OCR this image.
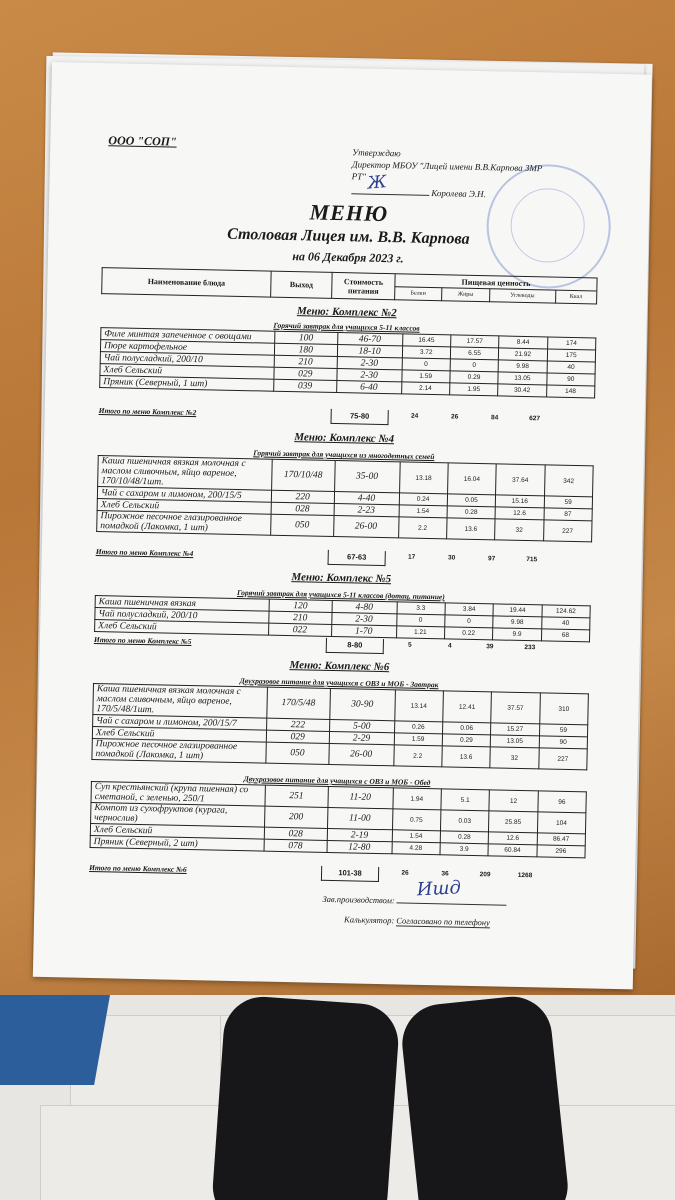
ООО "СОП"
Утверждаю
Директор МБОУ "Лицей имени В.В.Карпова ЗМР РТ"
Королева Э.Н.
Ж
МЕНЮ
Столовая Лицея им. В.В. Карпова
на 06 Декабря 2023 г.
Наименование блюда	Выход	Стоимость питания	Пищевая ценность			
			Белки	Жиры	Углеводы	Ккал
Меню: Комплекс №2
Горячий завтрак для учащихся 5-11 классов
Филе минтая запеченное с овощами	100	46-70	16.45	17.57	8.44	174
Пюре картофельное	180	18-10	3.72	6.55	21.92	175
Чай полусладкий, 200/10	210	2-30	0	0	9.98	40
Хлеб Сельский	029	2-30	1.59	0.29	13.05	90
Пряник (Северный, 1 шт)	039	6-40	2.14	1.95	30.42	148
Итого по меню Комплекс №2	75-80	24	26	84	627
Меню: Комплекс №4
Горячий завтрак для учащихся из многодетных семей
Каша пшеничная вязкая молочная с маслом сливочным, яйцо вареное, 170/10/48/1шт.	170/10/48	35-00	13.18	16.04	37.64	342
Чай с сахаром и лимоном, 200/15/5	220	4-40	0.24	0.05	15.16	59
Хлеб Сельский	028	2-23	1.54	0.28	12.6	87
Пирожное песочное глазированное помадкой (Лакомка, 1 шт)	050	26-00	2.2	13.6	32	227
Итого по меню Комплекс №4	67-63	17	30	97	715
Меню: Комплекс №5
Горячий завтрак для учащихся 5-11 классов (дотац. питание)
Каша пшеничная вязкая	120	4-80	3.3	3.84	19.44	124.62
Чай полусладкий, 200/10	210	2-30	0	0	9.98	40
Хлеб Сельский	022	1-70	1.21	0.22	9.9	68
Итого по меню Комплекс №5	8-80	5	4	39	233
Меню: Комплекс №6
Двухразовое питание для учащихся с ОВЗ и МОБ - Завтрак
Каша пшеничная вязкая молочная с маслом сливочным, яйцо вареное, 170/5/48/1шт.	170/5/48	30-90	13.14	12.41	37.57	310
Чай с сахаром и лимоном, 200/15/7	222	5-00	0.26	0.06	15.27	59
Хлеб Сельский	029	2-29	1.59	0.29	13.05	90
Пирожное песочное глазированное помадкой (Лакомка, 1 шт)	050	26-00	2.2	13.6	32	227
Двухразовое питание для учащихся с ОВЗ и МОБ - Обед
Суп крестьянский (крупа пшенная) со сметаной, с зеленью, 250/1	251	11-20	1.94	5.1	12	96
Компот из сухофруктов (курага, чернослив)	200	11-00	0.75	0.03	25.85	104
Хлеб Сельский	028	2-19	1.54	0.28	12.6	86.47
Пряник (Северный, 2 шт)	078	12-80	4.28	3.9	60.84	296
Итого по меню Комплекс №6	101-38	26	36	209	1268
Зав.производством:	Ишд
Калькулятор: Согласовано по телефону
